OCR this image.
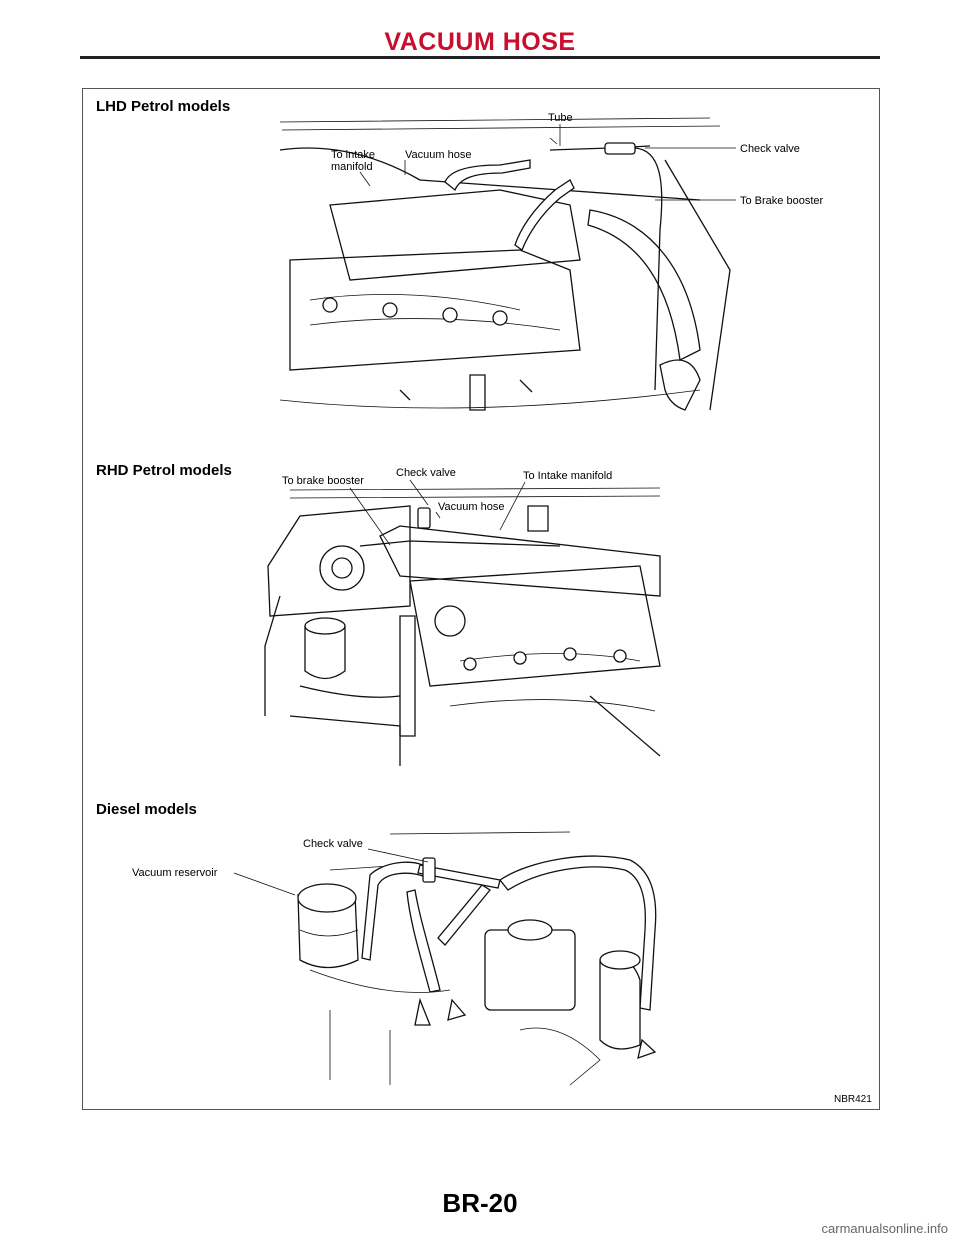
VACUUM HOSE
LHD Petrol models
Tube
To intake
manifold
Vacuum hose	Check valve
To Brake booster
RHD Petrol models
To brake booster
Check valve	To Intake manifold
Vacuum hose
Diesel models
Check valve
Vacuum reservoir
NBR421
BR-20
carmanualsonline.info
